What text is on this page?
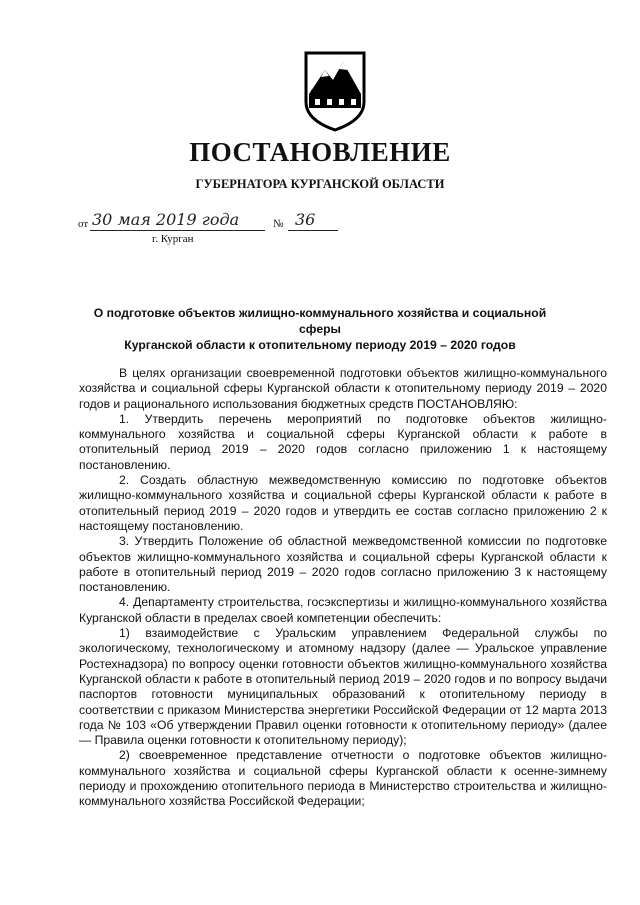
ПОСТАНОВЛЕНИЕ
ГУБЕРНАТОРА КУРГАНСКОЙ ОБЛАСТИ
от 30 мая 2019 года	№ 36
г. Курган
О подготовке объектов жилищно-коммунального хозяйства и социальной сферы
Курганской области к отопительному периоду 2019 – 2020 годов

В целях организации своевременной подготовки объектов жилищно-коммунального хозяйства и социальной сферы Курганской области к отопительному периоду 2019 – 2020 годов и рационального использования бюджетных средств ПОСТАНОВЛЯЮ:

1. Утвердить перечень мероприятий по подготовке объектов жилищно-коммунального хозяйства и социальной сферы Курганской области к работе в отопительный период 2019 – 2020 годов согласно приложению 1 к настоящему постановлению.

2. Создать областную межведомственную комиссию по подготовке объектов жилищно-коммунального хозяйства и социальной сферы Курганской области к работе в отопительный период 2019 – 2020 годов и утвердить ее состав согласно приложению 2 к настоящему постановлению.

3. Утвердить Положение об областной межведомственной комиссии по подготовке объектов жилищно-коммунального хозяйства и социальной сферы Курганской области к работе в отопительный период 2019 – 2020 годов согласно приложению 3 к настоящему постановлению.

4. Департаменту строительства, госэкспертизы и жилищно-коммунального хозяйства Курганской области в пределах своей компетенции обеспечить:

1) взаимодействие с Уральским управлением Федеральной службы по экологическому, технологическому и атомному надзору (далее — Уральское управление Ростехнадзора) по вопросу оценки готовности объектов жилищно-коммунального хозяйства Курганской области к работе в отопительный период 2019 – 2020 годов и по вопросу выдачи паспортов готовности муниципальных образований к отопительному периоду в соответствии с приказом Министерства энергетики Российской Федерации от 12 марта 2013 года № 103 «Об утверждении Правил оценки готовности к отопительному периоду» (далее — Правила оценки готовности к отопительному периоду);

2) своевременное представление отчетности о подготовке объектов жилищно-коммунального хозяйства и социальной сферы Курганской области к осенне-зимнему периоду и прохождению отопительного периода в Министерство строительства и жилищно-коммунального хозяйства Российской Федерации;
